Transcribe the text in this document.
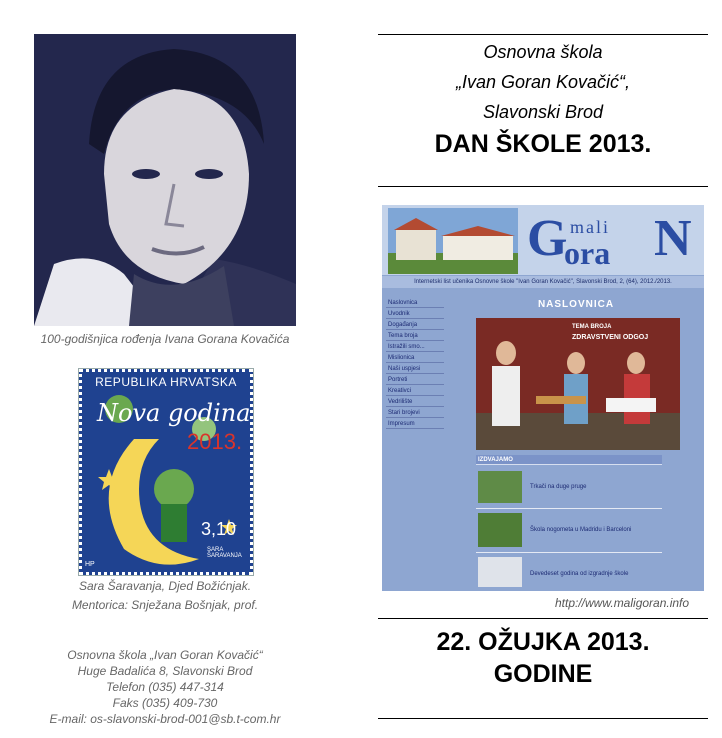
100-godišnjica rođenja Ivana Gorana Kovačića
REPUBLIKA HRVATSKA
Nova godina
2013.
3,10
SARA ŠARAVANJA
HP
Sara Šaravanja, Djed Božićnjak.
Mentorica: Snježana Bošnjak, prof.
Osnovna škola „Ivan Goran Kovačić“
Huge Badalića 8, Slavonski Brod
Telefon (035) 447-314
Faks (035) 409-730
E-mail: os-slavonski-brod-001@sb.t-com.hr
Osnovna škola
„Ivan Goran Kovačić“,
Slavonski Brod
DAN ŠKOLE 2013.
G mali
ora N
Internetski list učenika Osnovne škole "Ivan Goran Kovačić", Slavonski Brod, 2, (64), 2012./2013.
Naslovnica
Uvodnik
Događanja
Tema broja
Istražili smo...
Mislionica
Naši uspjesi
Portreti
Kreativci
Vedrilište
Stari brojevi
Impresum
NASLOVNICA
TEMA BROJA
ZDRAVSTVENI ODGOJ
IZDVAJAMO
Trkači na duge pruge
Škola nogometa u Madridu i Barceloni
Devedeset godina od izgradnje škole
http://www.maligoran.info
22. OŽUJKA 2013.
GODINE
